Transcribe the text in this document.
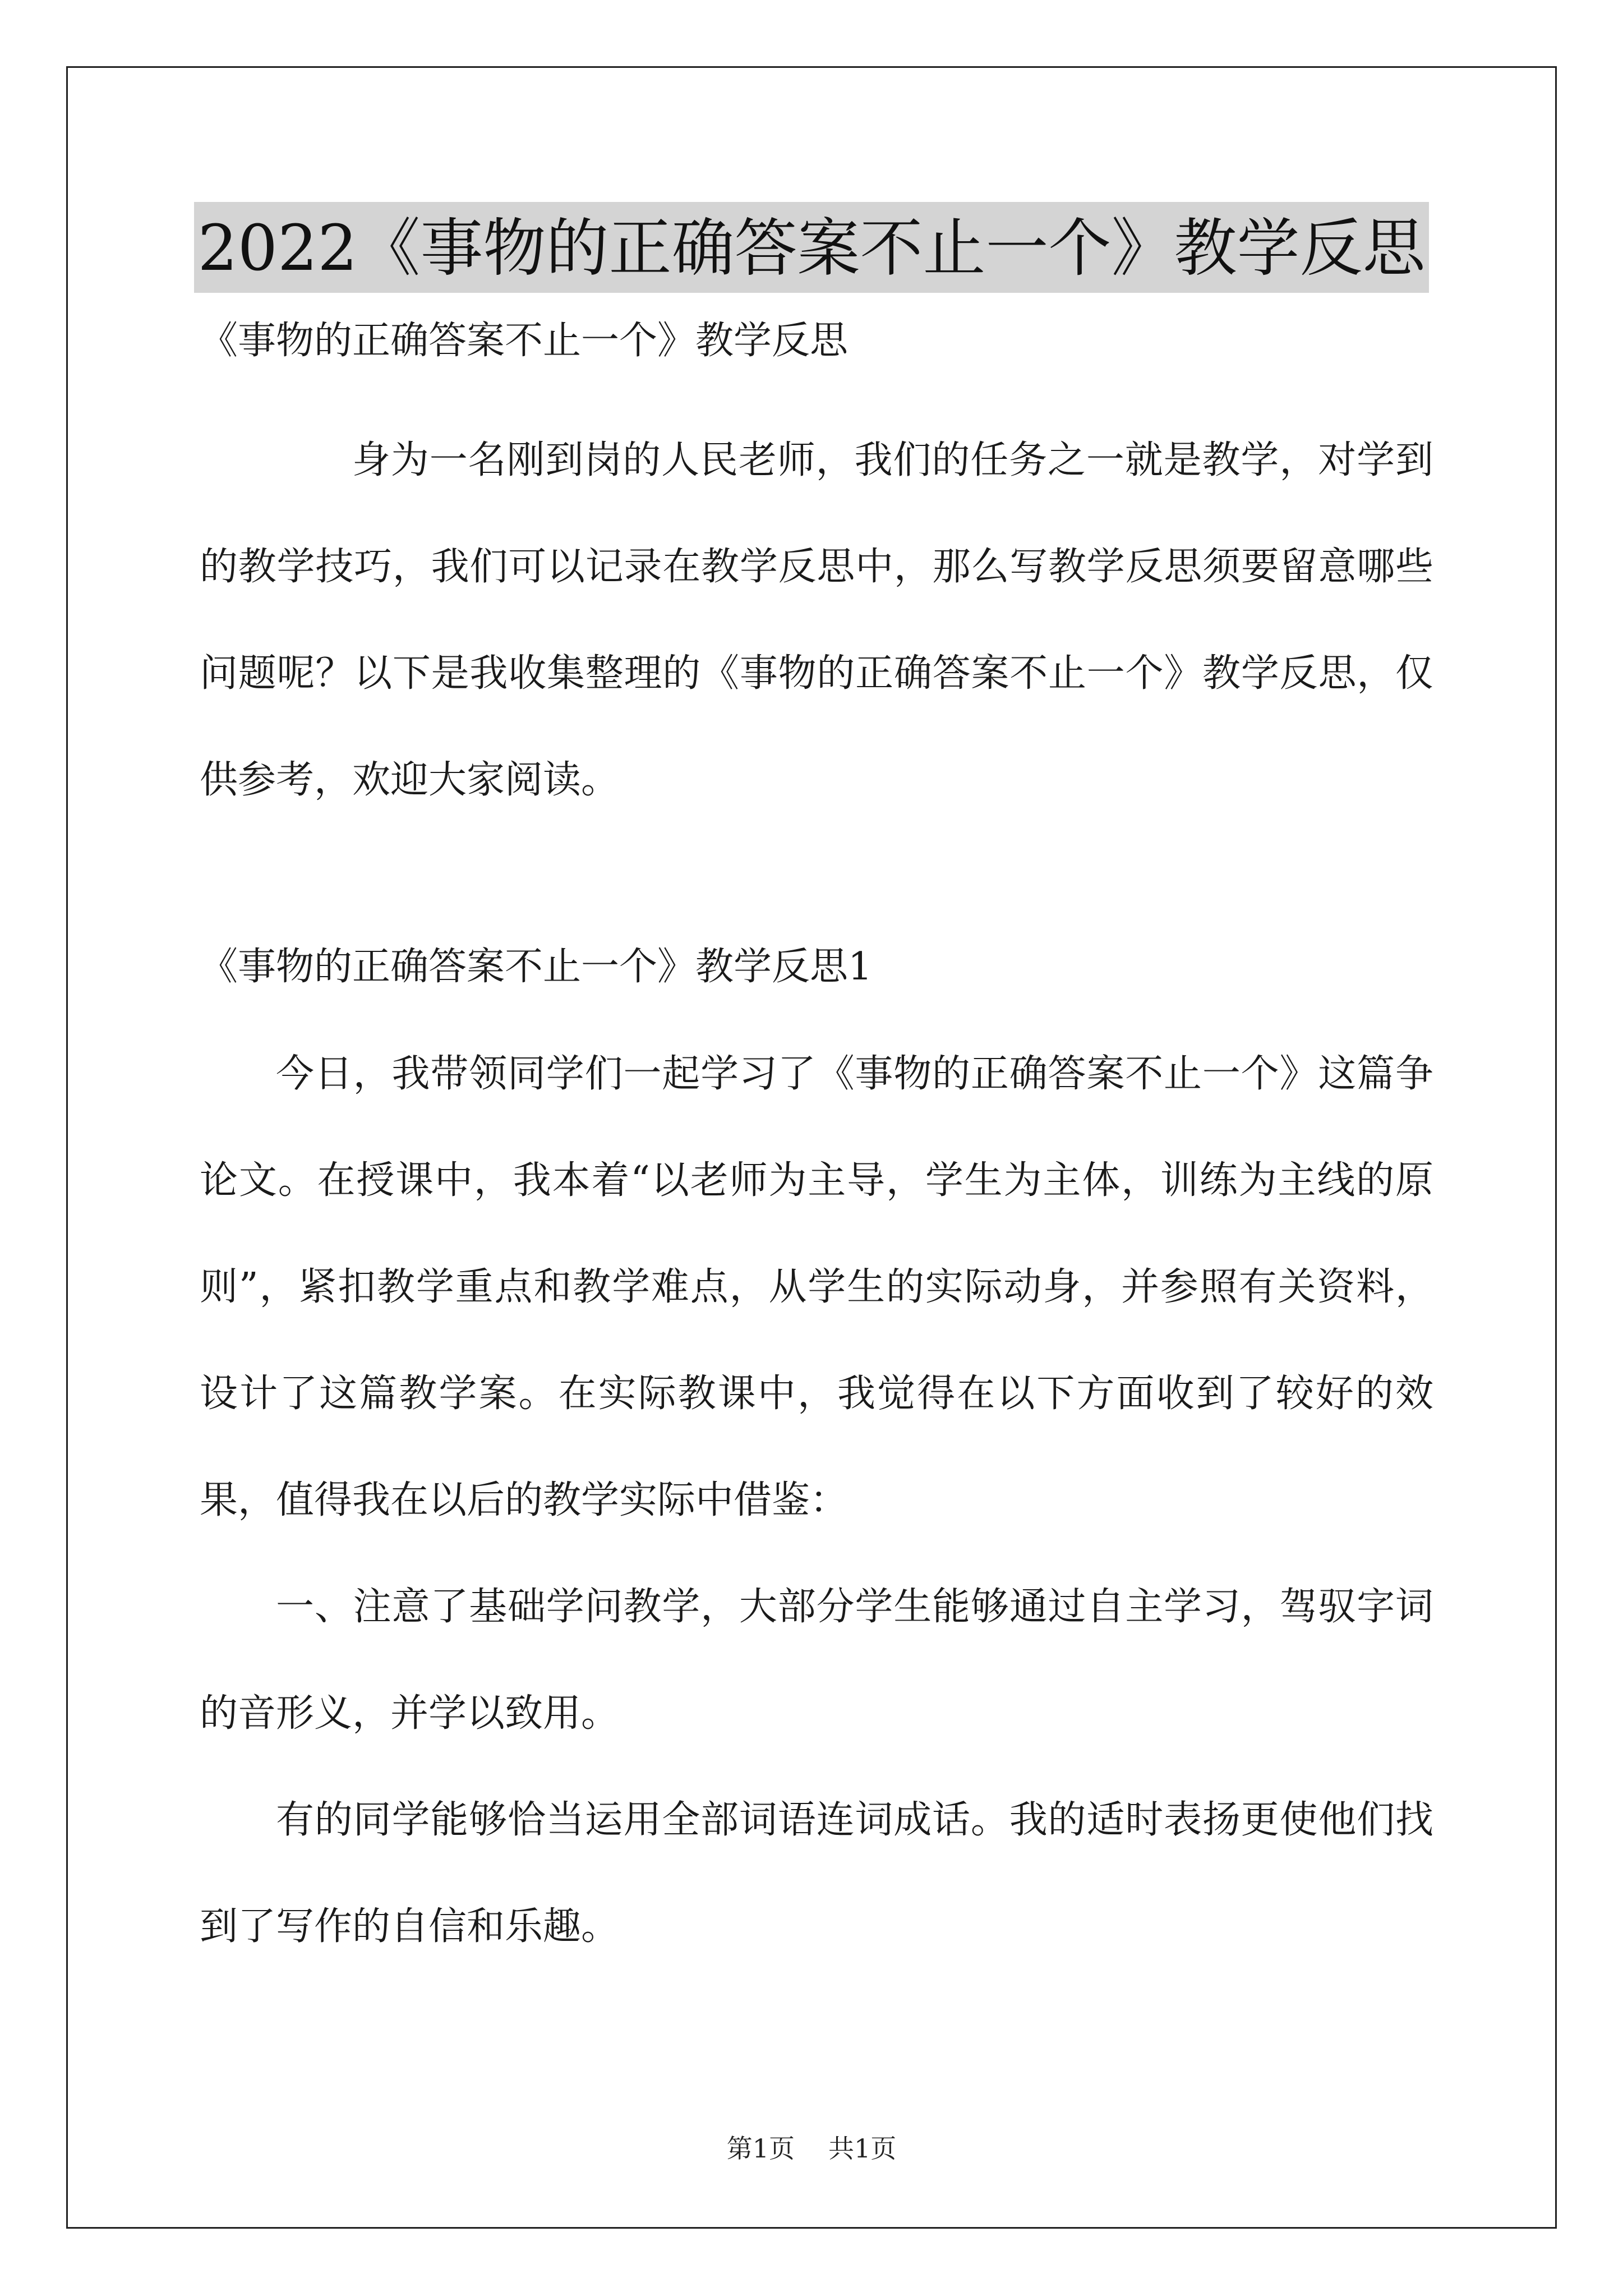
2022《事物的正确答案不止一个》教学反思

《事物的正确答案不止一个》教学反思

身为一名刚到岗的人民老师，我们的任务之一就是教学，对学到的教学技巧，我们可以记录在教学反思中，那么写教学反思须要留意哪些问题呢？以下是我收集整理的《事物的正确答案不止一个》教学反思，仅供参考，欢迎大家阅读。

《事物的正确答案不止一个》教学反思1

今日，我带领同学们一起学习了《事物的正确答案不止一个》这篇争论文。在授课中，我本着“以老师为主导，学生为主体，训练为主线的原则”，紧扣教学重点和教学难点，从学生的实际动身，并参照有关资料，设计了这篇教学案。在实际教课中，我觉得在以下方面收到了较好的效果，值得我在以后的教学实际中借鉴：

一、注意了基础学问教学，大部分学生能够通过自主学习，驾驭字词的音形义，并学以致用。

有的同学能够恰当运用全部词语连词成话。我的适时表扬更使他们找到了写作的自信和乐趣。

第1页 共1页
